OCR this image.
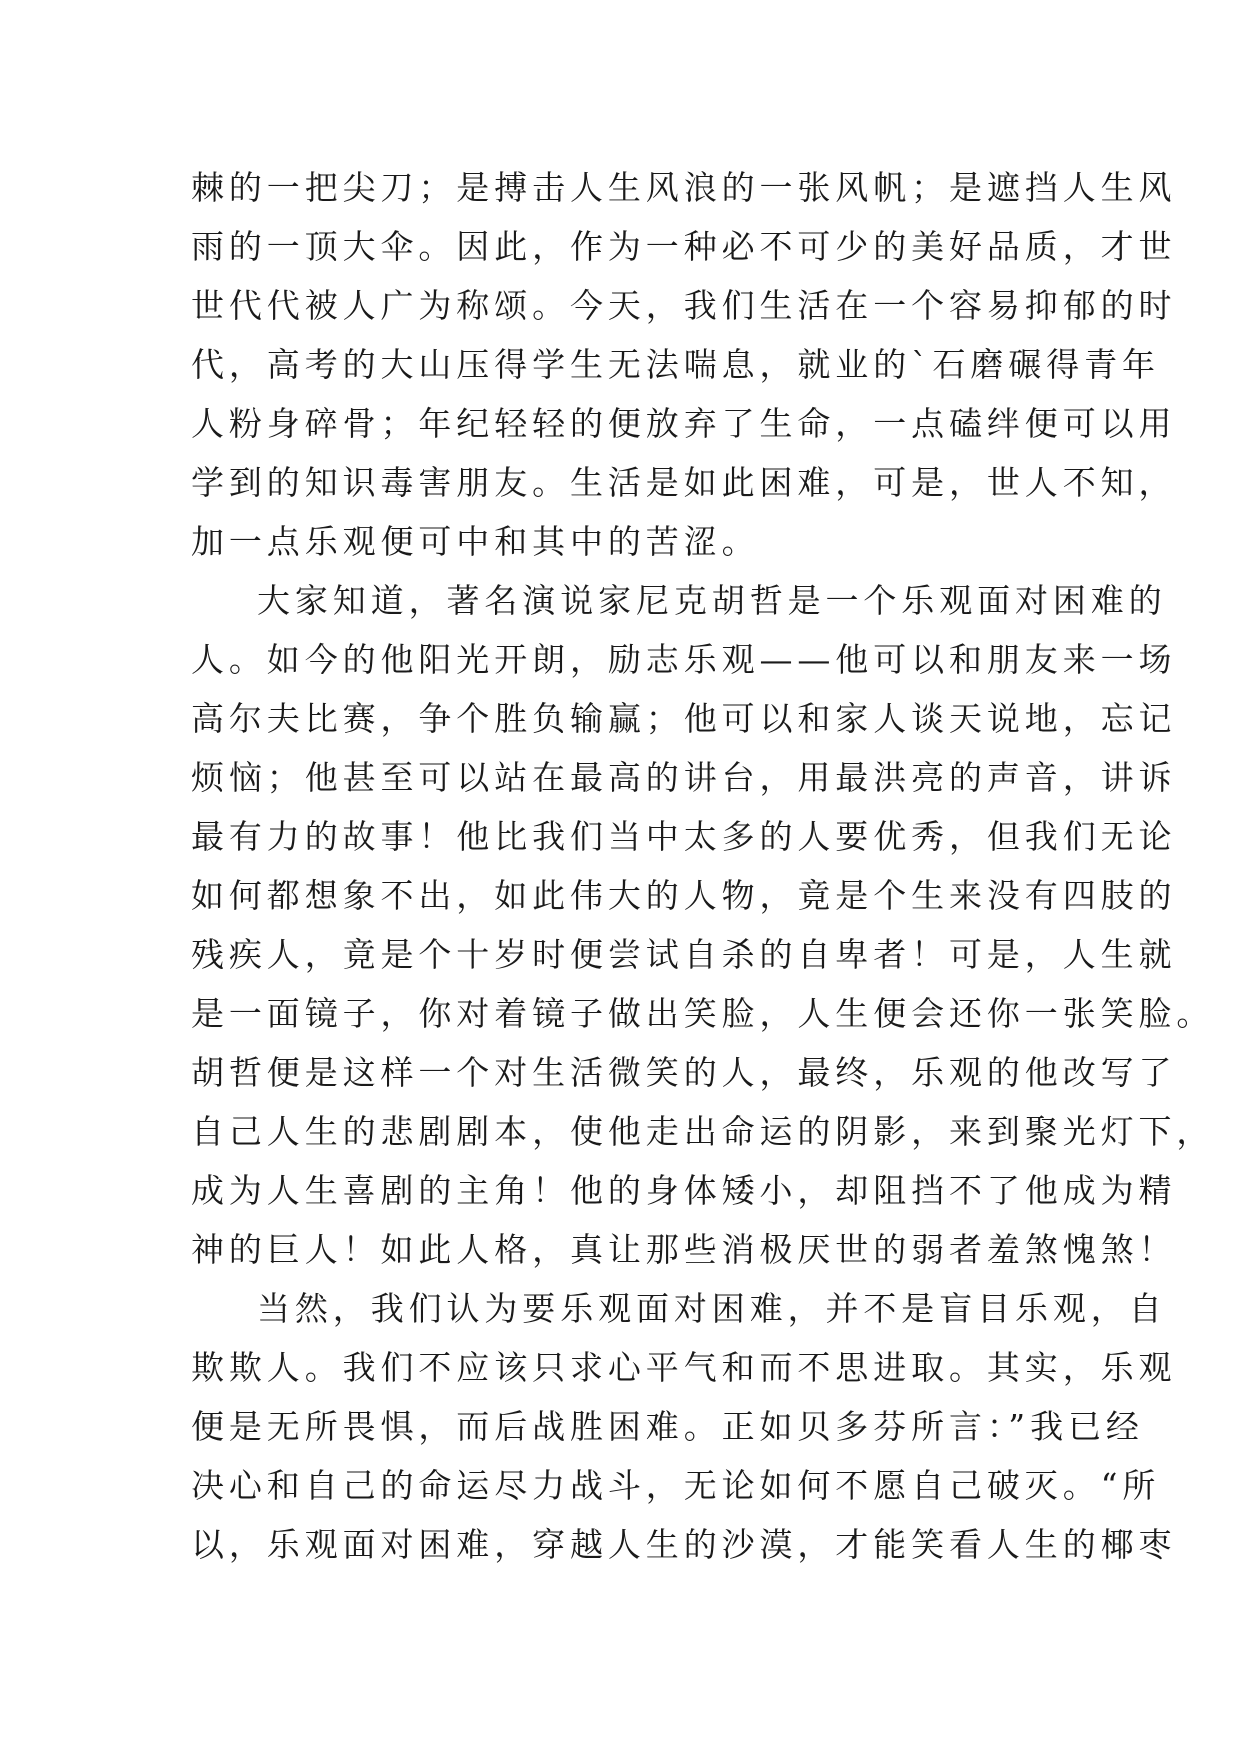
棘的一把尖刀；是搏击人生风浪的一张风帆；是遮挡人生风
雨的一顶大伞。因此，作为一种必不可少的美好品质，才世
世代代被人广为称颂。今天，我们生活在一个容易抑郁的时
代，高考的大山压得学生无法喘息，就业的`石磨碾得青年
人粉身碎骨；年纪轻轻的便放弃了生命，一点磕绊便可以用
学到的知识毒害朋友。生活是如此困难，可是，世人不知，
加一点乐观便可中和其中的苦涩。
大家知道，著名演说家尼克胡哲是一个乐观面对困难的
人。如今的他阳光开朗，励志乐观——他可以和朋友来一场
高尔夫比赛，争个胜负输赢；他可以和家人谈天说地，忘记
烦恼；他甚至可以站在最高的讲台，用最洪亮的声音，讲诉
最有力的故事！他比我们当中太多的人要优秀，但我们无论
如何都想象不出，如此伟大的人物，竟是个生来没有四肢的
残疾人，竟是个十岁时便尝试自杀的自卑者！可是，人生就
是一面镜子，你对着镜子做出笑脸，人生便会还你一张笑脸。
胡哲便是这样一个对生活微笑的人，最终，乐观的他改写了
自己人生的悲剧剧本，使他走出命运的阴影，来到聚光灯下，
成为人生喜剧的主角！他的身体矮小，却阻挡不了他成为精
神的巨人！如此人格，真让那些消极厌世的弱者羞煞愧煞！
当然，我们认为要乐观面对困难，并不是盲目乐观，自
欺欺人。我们不应该只求心平气和而不思进取。其实，乐观
便是无所畏惧，而后战胜困难。正如贝多芬所言：”我已经
决心和自己的命运尽力战斗，无论如何不愿自己破灭。“所
以，乐观面对困难，穿越人生的沙漠，才能笑看人生的椰枣
